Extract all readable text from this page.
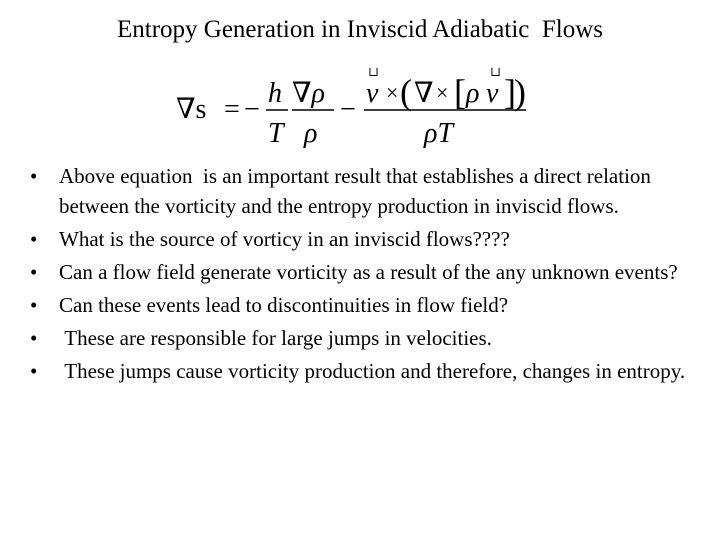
Entropy Generation in Inviscid Adiabatic  Flows
∇s = −
h
T
∇ρ
ρ
−
⊔
v × ( ∇ × [ ρ
⊔
v ]
)
ρT
•	Above equation  is an important result that establishes a direct relation between the vorticity and the entropy production in inviscid flows.
•	What is the source of vorticy in an inviscid flows????
•	Can a flow field generate vorticity as a result of the any unknown events?
•	Can these events lead to discontinuities in flow field?
•	These are responsible for large jumps in velocities.
•	These jumps cause vorticity production and therefore, changes in entropy.
